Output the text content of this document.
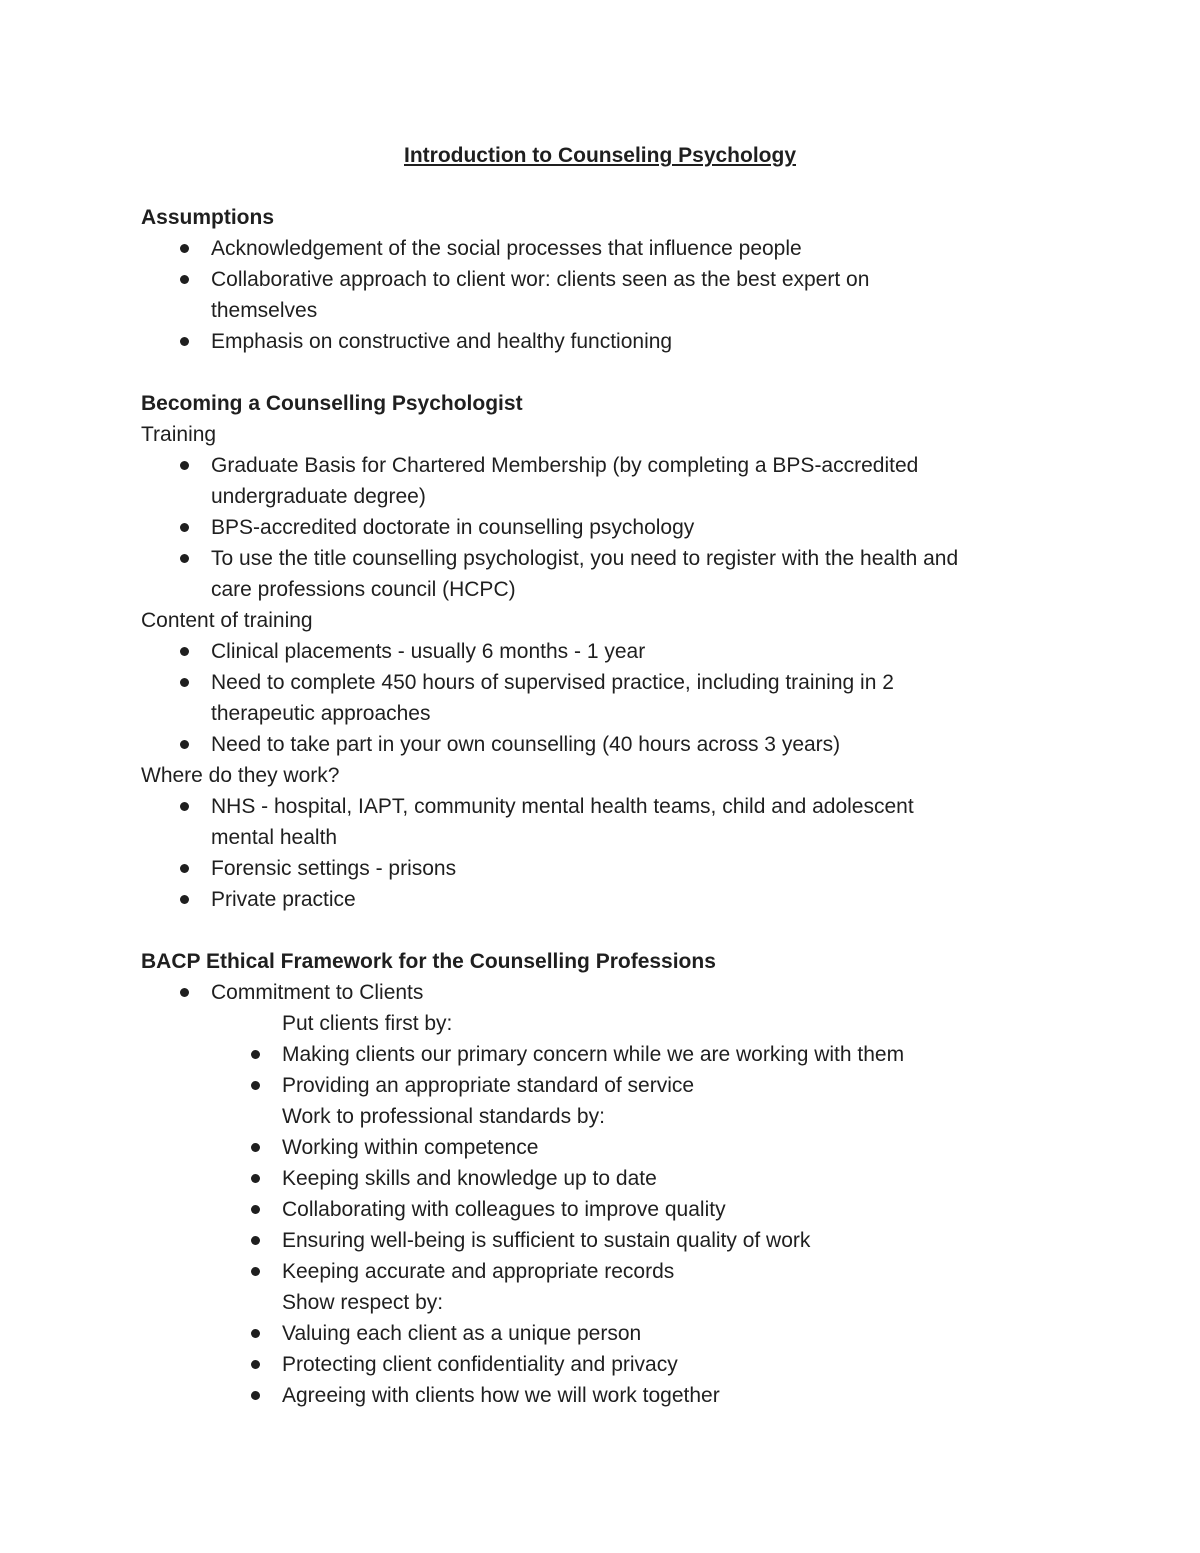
Introduction to Counseling Psychology
Assumptions
Acknowledgement of the social processes that influence people
Collaborative approach to client wor: clients seen as the best expert on
themselves
Emphasis on constructive and healthy functioning
Becoming a Counselling Psychologist
Training
Graduate Basis for Chartered Membership (by completing a BPS-accredited
undergraduate degree)
BPS-accredited doctorate in counselling psychology
To use the title counselling psychologist, you need to register with the health and
care professions council (HCPC)
Content of training
Clinical placements - usually 6 months - 1 year
Need to complete 450 hours of supervised practice, including training in 2
therapeutic approaches
Need to take part in your own counselling (40 hours across 3 years)
Where do they work?
NHS - hospital, IAPT, community mental health teams, child and adolescent
mental health
Forensic settings - prisons
Private practice
BACP Ethical Framework for the Counselling Professions
Commitment to Clients
Put clients first by:
Making clients our primary concern while we are working with them
Providing an appropriate standard of service
Work to professional standards by:
Working within competence
Keeping skills and knowledge up to date
Collaborating with colleagues to improve quality
Ensuring well-being is sufficient to sustain quality of work
Keeping accurate and appropriate records
Show respect by:
Valuing each client as a unique person
Protecting client confidentiality and privacy
Agreeing with clients how we will work together
